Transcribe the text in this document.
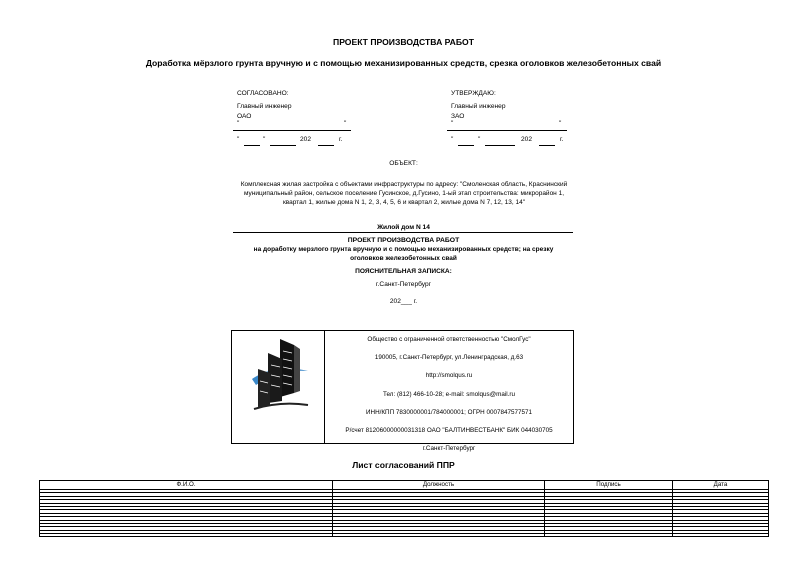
ПРОЕКТ ПРОИЗВОДСТВА РАБОТ
Доработка мёрзлого грунта вручную и с помощью механизированных средств, срезка оголовков железобетонных свай
СОГЛАСОВАНО:
Главный инженер
ОАО
"	"
"	"	202	г.
УТВЕРЖДАЮ:
Главный инженер
ЗАО
"	"
"	"	202	г.
ОБЪЕКТ:
Комплексная жилая застройка с объектами инфраструктуры по адресу: "Смоленская область, Краснинский
муниципальный район, сельское поселение Гусинское, д.Гусино, 1-ый этап строительства: микрорайон 1,
квартал 1, жилые дома N 1, 2, 3, 4, 5, 6 и квартал 2, жилые дома N 7, 12, 13, 14"
Жилой дом N 14
ПРОЕКТ ПРОИЗВОДСТВА РАБОТ
на доработку мерзлого грунта вручную и с помощью механизированных средств; на срезку
оголовков железобетонных свай
ПОЯСНИТЕЛЬНАЯ ЗАПИСКА:
г.Санкт-Петербург
202___ г.
Общество с ограниченной ответственностью "СмолГус"
190005, г.Санкт-Петербург, ул.Ленинградская, д.63
http://smolqus.ru
Тел: (812) 466-10-28; e-mail: smolqus@mail.ru
ИНН/КПП 7830000001/784000001; ОГРН 0007847577571
Р/счет 81206000000031318 ОАО "БАЛТИНВЕСТБАНК" БИК 044030705
г.Санкт-Петербург
Лист согласований ППР
Ф.И.О.	Должность	Подпись	Дата
